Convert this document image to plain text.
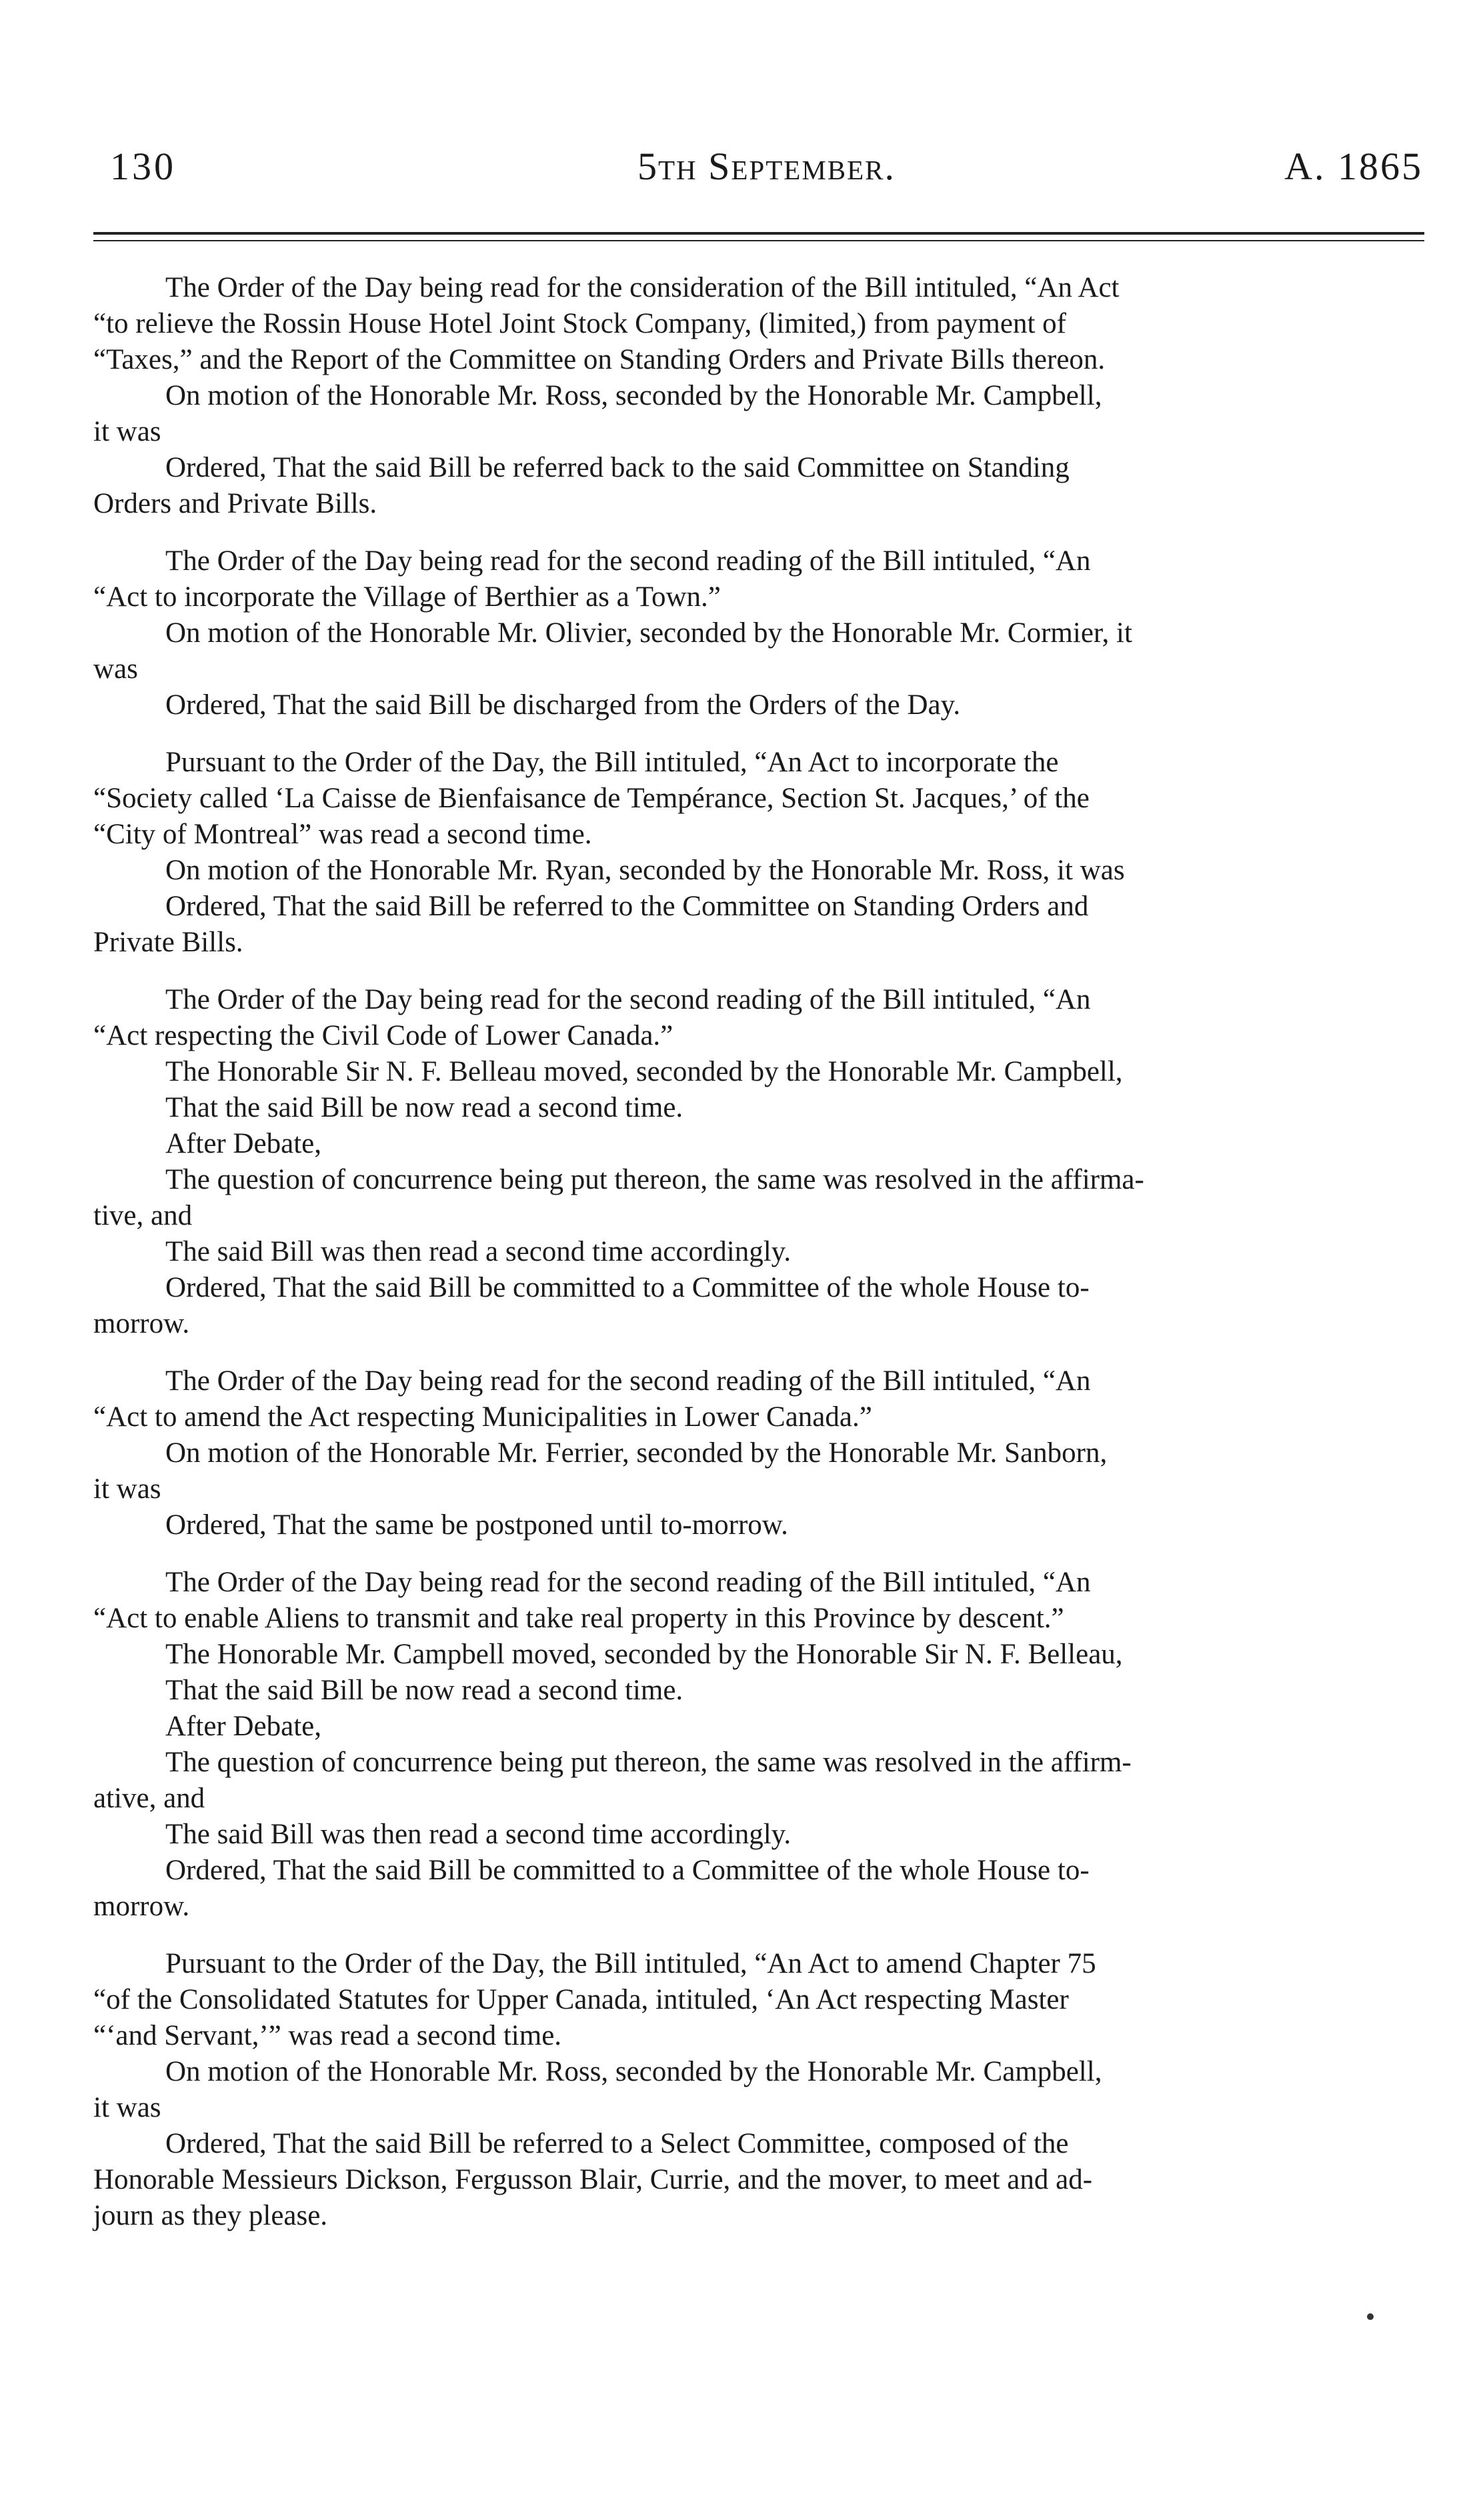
130	5th September.	A. 1865
The Order of the Day being read for the consideration of the Bill intituled, “An Act
“to relieve the Rossin House Hotel Joint Stock Company, (limited,) from payment of
“Taxes,” and the Report of the Committee on Standing Orders and Private Bills thereon.
On motion of the Honorable Mr. Ross, seconded by the Honorable Mr. Campbell,
it was
Ordered, That the said Bill be referred back to the said Committee on Standing
Orders and Private Bills.
The Order of the Day being read for the second reading of the Bill intituled, “An
“Act to incorporate the Village of Berthier as a Town.”
On motion of the Honorable Mr. Olivier, seconded by the Honorable Mr. Cormier, it
was
Ordered, That the said Bill be discharged from the Orders of the Day.
Pursuant to the Order of the Day, the Bill intituled, “An Act to incorporate the
“Society called ‘La Caisse de Bienfaisance de Tempérance, Section St. Jacques,’ of the
“City of Montreal” was read a second time.
On motion of the Honorable Mr. Ryan, seconded by the Honorable Mr. Ross, it was
Ordered, That the said Bill be referred to the Committee on Standing Orders and
Private Bills.
The Order of the Day being read for the second reading of the Bill intituled, “An
“Act respecting the Civil Code of Lower Canada.”
The Honorable Sir N. F. Belleau moved, seconded by the Honorable Mr. Campbell,
That the said Bill be now read a second time.
After Debate,
The question of concurrence being put thereon, the same was resolved in the affirma-
tive, and
The said Bill was then read a second time accordingly.
Ordered, That the said Bill be committed to a Committee of the whole House to-
morrow.
The Order of the Day being read for the second reading of the Bill intituled, “An
“Act to amend the Act respecting Municipalities in Lower Canada.”
On motion of the Honorable Mr. Ferrier, seconded by the Honorable Mr. Sanborn,
it was
Ordered, That the same be postponed until to-morrow.
The Order of the Day being read for the second reading of the Bill intituled, “An
“Act to enable Aliens to transmit and take real property in this Province by descent.”
The Honorable Mr. Campbell moved, seconded by the Honorable Sir N. F. Belleau,
That the said Bill be now read a second time.
After Debate,
The question of concurrence being put thereon, the same was resolved in the affirm-
ative, and
The said Bill was then read a second time accordingly.
Ordered, That the said Bill be committed to a Committee of the whole House to-
morrow.
Pursuant to the Order of the Day, the Bill intituled, “An Act to amend Chapter 75
“of the Consolidated Statutes for Upper Canada, intituled, ‘An Act respecting Master
“‘and Servant,’” was read a second time.
On motion of the Honorable Mr. Ross, seconded by the Honorable Mr. Campbell,
it was
Ordered, That the said Bill be referred to a Select Committee, composed of the
Honorable Messieurs Dickson, Fergusson Blair, Currie, and the mover, to meet and ad-
journ as they please.
